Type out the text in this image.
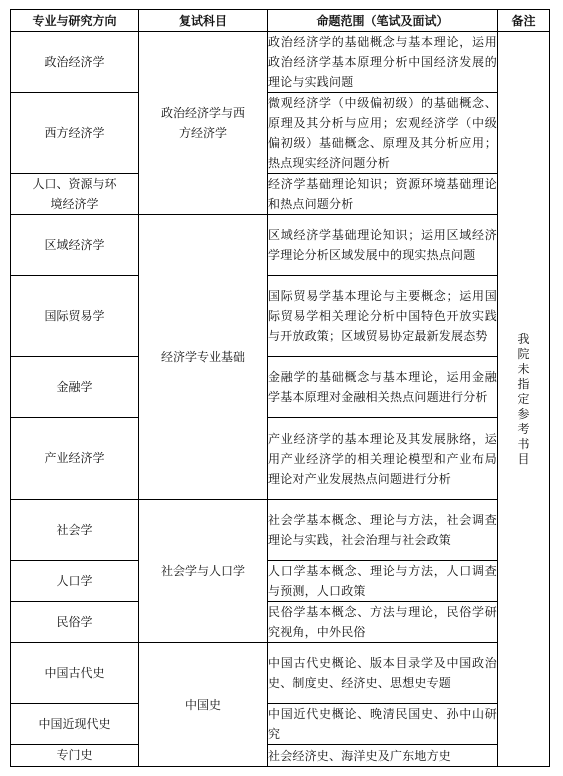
专业与研究方向	复试科目	命题范围（笔试及面试）	备注
政治经济学	政治经济学与西方经济学	政治经济学的基础概念与基本理论，运用政治经济学基本原理分析中国经济发展的理论与实践问题	我院未指定参考书目
西方经济学		微观经济学（中级偏初级）的基础概念、原理及其分析与应用；宏观经济学（中级偏初级）基础概念、原理及其分析应用；热点现实经济问题分析	

人口、资源与环境经济学		经济学基础理论知识；资源环境基础理论和热点问题分析	
区域经济学	经济学专业基础	区域经济学基础理论知识；运用区域经济学理论分析区域发展中的现实热点问题	
国际贸易学		国际贸易学基本理论与主要概念；运用国际贸易学相关理论分析中国特色开放实践与开放政策；区域贸易协定最新发展态势	
金融学		金融学的基础概念与基本理论，运用金融学基本原理对金融相关热点问题进行分析	
产业经济学		产业经济学的基本理论及其发展脉络，运用产业经济学的相关理论模型和产业布局理论对产业发展热点问题进行分析	
社会学	社会学与人口学	社会学基本概念、理论与方法，社会调查理论与实践，社会治理与社会政策	
人口学		人口学基本概念、理论与方法，人口调查与预测，人口政策	
民俗学		民俗学基本概念、方法与理论，民俗学研究视角，中外民俗	
中国古代史	中国史	中国古代史概论、版本目录学及中国政治史、制度史、经济史、思想史专题	
中国近现代史		中国近代史概论、晚清民国史、孙中山研究	
专门史		社会经济史、海洋史及广东地方史	
